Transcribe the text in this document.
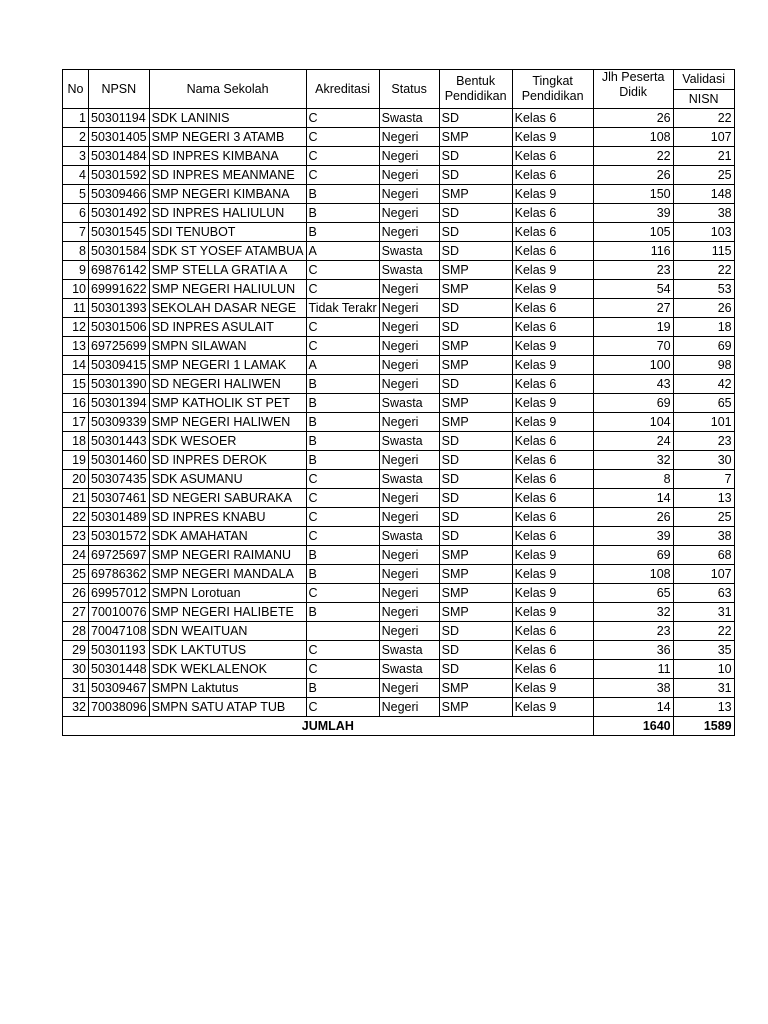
No	NPSN	Nama Sekolah	Akreditasi	Status	Bentuk Pendidikan	Tingkat Pendidikan	Jlh Peserta Didik	Validasi
								NISN
1	50301194	SDK LANINIS	C	Swasta	SD	Kelas 6	26	22
2	50301405	SMP NEGERI 3 ATAMB	C	Negeri	SMP	Kelas 9	108	107
3	50301484	SD INPRES KIMBANA	C	Negeri	SD	Kelas 6	22	21
4	50301592	SD INPRES MEANMANE	C	Negeri	SD	Kelas 6	26	25
5	50309466	SMP NEGERI KIMBANA	B	Negeri	SMP	Kelas 9	150	148
6	50301492	SD INPRES HALIULUN	B	Negeri	SD	Kelas 6	39	38
7	50301545	SDI TENUBOT	B	Negeri	SD	Kelas 6	105	103
8	50301584	SDK ST YOSEF ATAMBUA	A	Swasta	SD	Kelas 6	116	115
9	69876142	SMP STELLA GRATIA A	C	Swasta	SMP	Kelas 9	23	22
10	69991622	SMP NEGERI HALIULUN	C	Negeri	SMP	Kelas 9	54	53
11	50301393	SEKOLAH DASAR NEGE	Tidak Terakr	Negeri	SD	Kelas 6	27	26
12	50301506	SD INPRES ASULAIT	C	Negeri	SD	Kelas 6	19	18
13	69725699	SMPN SILAWAN	C	Negeri	SMP	Kelas 9	70	69
14	50309415	SMP NEGERI 1 LAMAK	A	Negeri	SMP	Kelas 9	100	98
15	50301390	SD NEGERI HALIWEN	B	Negeri	SD	Kelas 6	43	42
16	50301394	SMP KATHOLIK ST PET	B	Swasta	SMP	Kelas 9	69	65
17	50309339	SMP NEGERI HALIWEN	B	Negeri	SMP	Kelas 9	104	101
18	50301443	SDK WESOER	B	Swasta	SD	Kelas 6	24	23
19	50301460	SD INPRES DEROK	B	Negeri	SD	Kelas 6	32	30
20	50307435	SDK ASUMANU	C	Swasta	SD	Kelas 6	8	7
21	50307461	SD NEGERI SABURAKA	C	Negeri	SD	Kelas 6	14	13
22	50301489	SD INPRES KNABU	C	Negeri	SD	Kelas 6	26	25
23	50301572	SDK AMAHATAN	C	Swasta	SD	Kelas 6	39	38
24	69725697	SMP NEGERI RAIMANU	B	Negeri	SMP	Kelas 9	69	68
25	69786362	SMP NEGERI MANDALA	B	Negeri	SMP	Kelas 9	108	107
26	69957012	SMPN Lorotuan	C	Negeri	SMP	Kelas 9	65	63
27	70010076	SMP NEGERI HALIBETE	B	Negeri	SMP	Kelas 9	32	31
28	70047108	SDN WEAITUAN		Negeri	SD	Kelas 6	23	22
29	50301193	SDK LAKTUTUS	C	Swasta	SD	Kelas 6	36	35
30	50301448	SDK WEKLALENOK	C	Swasta	SD	Kelas 6	11	10
31	50309467	SMPN Laktutus	B	Negeri	SMP	Kelas 9	38	31
32	70038096	SMPN SATU ATAP TUB	C	Negeri	SMP	Kelas 9	14	13
JUMLAH							1640	1589
